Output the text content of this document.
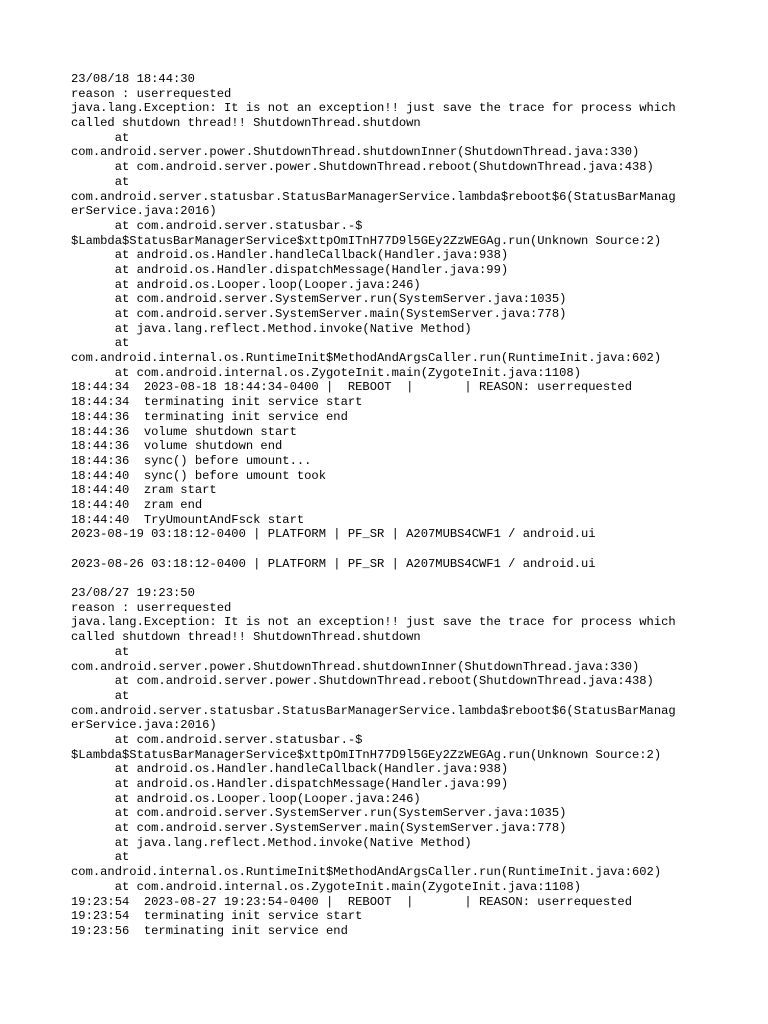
23/08/18 18:44:30
reason : userrequested
java.lang.Exception: It is not an exception!! just save the trace for process which
called shutdown thread!! ShutdownThread.shutdown
at
com.android.server.power.ShutdownThread.shutdownInner(ShutdownThread.java:330)
at com.android.server.power.ShutdownThread.reboot(ShutdownThread.java:438)
at
com.android.server.statusbar.StatusBarManagerService.lambda$reboot$6(StatusBarManag
erService.java:2016)
at com.android.server.statusbar.-$
$Lambda$StatusBarManagerService$xttpOmITnH77D9l5GEy2ZzWEGAg.run(Unknown Source:2)
at android.os.Handler.handleCallback(Handler.java:938)
at android.os.Handler.dispatchMessage(Handler.java:99)
at android.os.Looper.loop(Looper.java:246)
at com.android.server.SystemServer.run(SystemServer.java:1035)
at com.android.server.SystemServer.main(SystemServer.java:778)
at java.lang.reflect.Method.invoke(Native Method)
at
com.android.internal.os.RuntimeInit$MethodAndArgsCaller.run(RuntimeInit.java:602)
at com.android.internal.os.ZygoteInit.main(ZygoteInit.java:1108)
18:44:34  2023-08-18 18:44:34-0400 |  REBOOT  |       | REASON: userrequested
18:44:34  terminating init service start
18:44:36  terminating init service end
18:44:36  volume shutdown start
18:44:36  volume shutdown end
18:44:36  sync() before umount...
18:44:40  sync() before umount took
18:44:40  zram start
18:44:40  zram end
18:44:40  TryUmountAndFsck start
2023-08-19 03:18:12-0400 | PLATFORM | PF_SR | A207MUBS4CWF1 / android.ui
2023-08-26 03:18:12-0400 | PLATFORM | PF_SR | A207MUBS4CWF1 / android.ui
23/08/27 19:23:50
reason : userrequested
java.lang.Exception: It is not an exception!! just save the trace for process which
called shutdown thread!! ShutdownThread.shutdown
at
com.android.server.power.ShutdownThread.shutdownInner(ShutdownThread.java:330)
at com.android.server.power.ShutdownThread.reboot(ShutdownThread.java:438)
at
com.android.server.statusbar.StatusBarManagerService.lambda$reboot$6(StatusBarManag
erService.java:2016)
at com.android.server.statusbar.-$
$Lambda$StatusBarManagerService$xttpOmITnH77D9l5GEy2ZzWEGAg.run(Unknown Source:2)
at android.os.Handler.handleCallback(Handler.java:938)
at android.os.Handler.dispatchMessage(Handler.java:99)
at android.os.Looper.loop(Looper.java:246)
at com.android.server.SystemServer.run(SystemServer.java:1035)
at com.android.server.SystemServer.main(SystemServer.java:778)
at java.lang.reflect.Method.invoke(Native Method)
at
com.android.internal.os.RuntimeInit$MethodAndArgsCaller.run(RuntimeInit.java:602)
at com.android.internal.os.ZygoteInit.main(ZygoteInit.java:1108)
19:23:54  2023-08-27 19:23:54-0400 |  REBOOT  |       | REASON: userrequested
19:23:54  terminating init service start
19:23:56  terminating init service end
